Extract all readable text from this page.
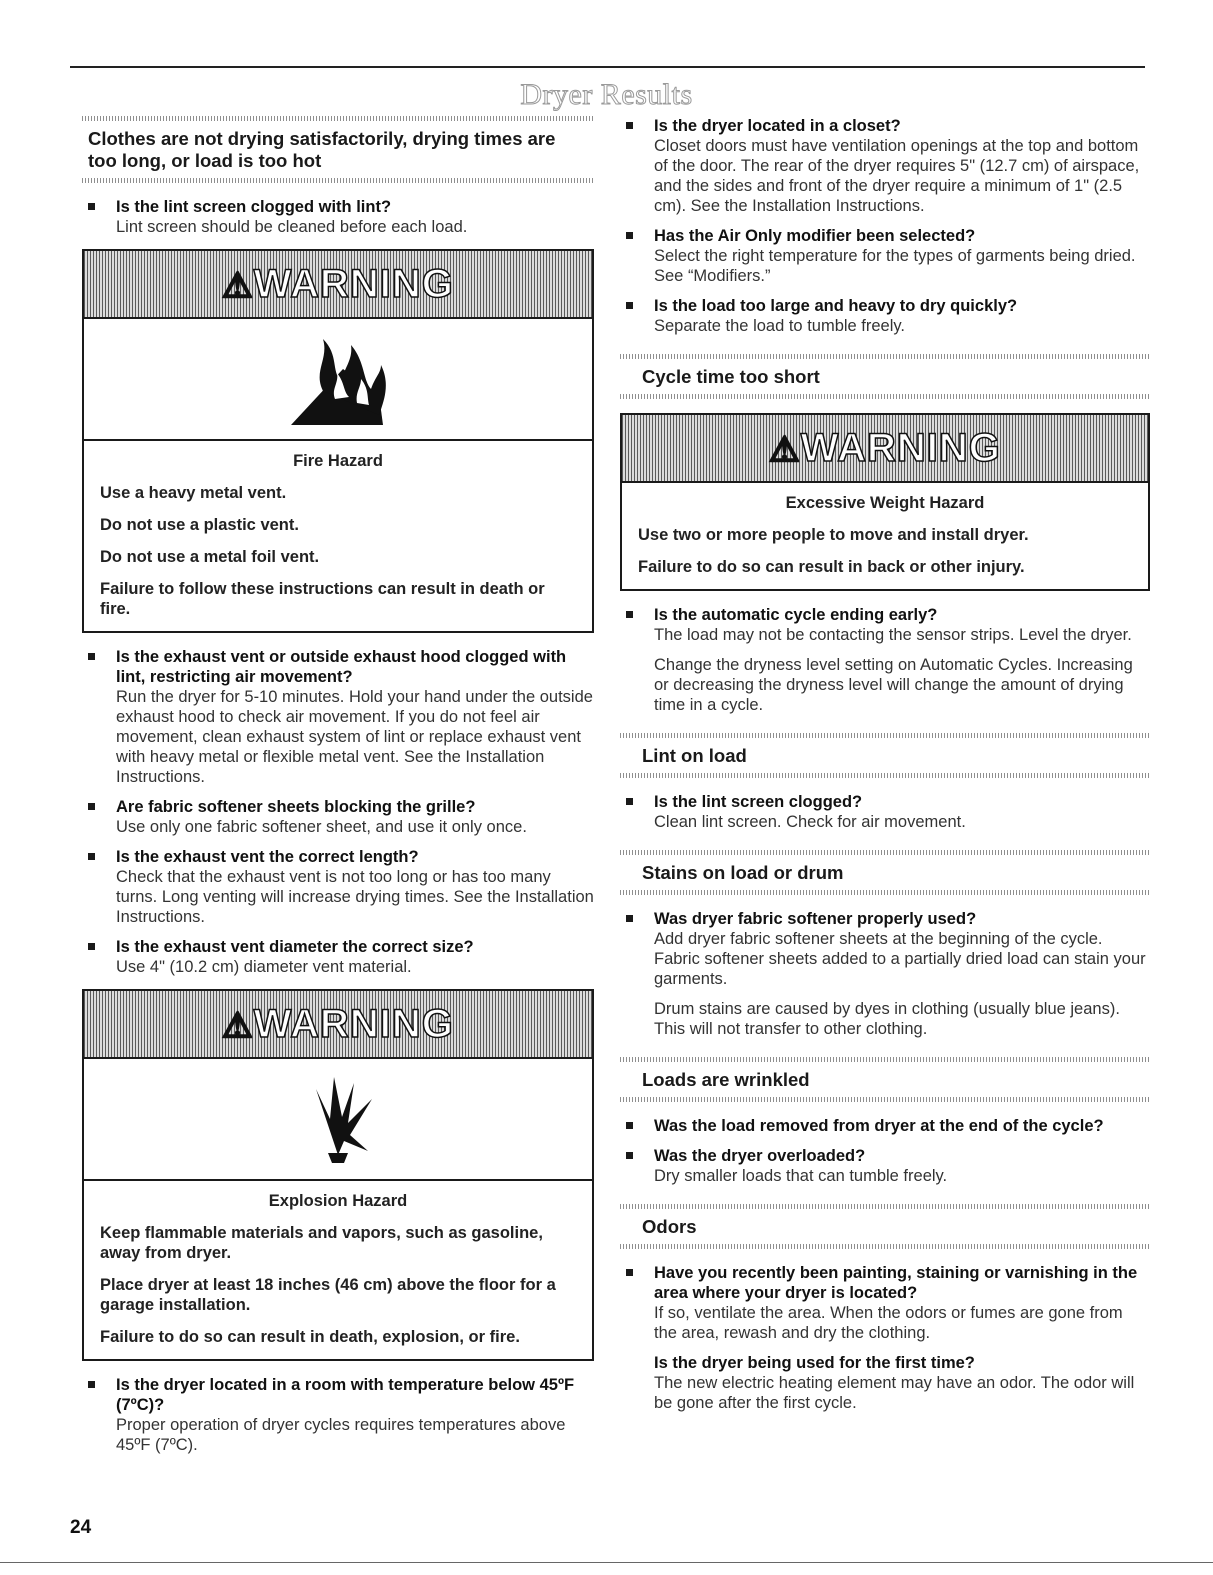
Dryer Results
Clothes are not drying satisfactorily, drying times are too long, or load is too hot
Is the lint screen clogged with lint?
Lint screen should be cleaned before each load.
⚠WARNING
Fire Hazard
Use a heavy metal vent.
Do not use a plastic vent.
Do not use a metal foil vent.
Failure to follow these instructions can result in death or fire.
Is the exhaust vent or outside exhaust hood clogged with lint, restricting air movement?
Run the dryer for 5-10 minutes. Hold your hand under the outside exhaust hood to check air movement. If you do not feel air movement, clean exhaust system of lint or replace exhaust vent with heavy metal or flexible metal vent. See the Installation Instructions.
Are fabric softener sheets blocking the grille?
Use only one fabric softener sheet, and use it only once.
Is the exhaust vent the correct length?
Check that the exhaust vent is not too long or has too many turns. Long venting will increase drying times. See the Installation Instructions.
Is the exhaust vent diameter the correct size?
Use 4" (10.2 cm) diameter vent material.
⚠WARNING
Explosion Hazard
Keep flammable materials and vapors, such as gasoline, away from dryer.
Place dryer at least 18 inches (46 cm) above the floor for a garage installation.
Failure to do so can result in death, explosion, or fire.
Is the dryer located in a room with temperature below 45ºF (7ºC)?
Proper operation of dryer cycles requires temperatures above 45ºF (7ºC).
Is the dryer located in a closet?
Closet doors must have ventilation openings at the top and bottom of the door. The rear of the dryer requires 5" (12.7 cm) of airspace, and the sides and front of the dryer require a minimum of 1" (2.5 cm). See the Installation Instructions.
Has the Air Only modifier been selected?
Select the right temperature for the types of garments being dried. See “Modifiers.”
Is the load too large and heavy to dry quickly?
Separate the load to tumble freely.
Cycle time too short
⚠WARNING
Excessive Weight Hazard
Use two or more people to move and install dryer.
Failure to do so can result in back or other injury.
Is the automatic cycle ending early?
The load may not be contacting the sensor strips. Level the dryer.
Change the dryness level setting on Automatic Cycles. Increasing or decreasing the dryness level will change the amount of drying time in a cycle.
Lint on load
Is the lint screen clogged?
Clean lint screen. Check for air movement.
Stains on load or drum
Was dryer fabric softener properly used?
Add dryer fabric softener sheets at the beginning of the cycle. Fabric softener sheets added to a partially dried load can stain your garments.
Drum stains are caused by dyes in clothing (usually blue jeans). This will not transfer to other clothing.
Loads are wrinkled
Was the load removed from dryer at the end of the cycle?
Was the dryer overloaded?
Dry smaller loads that can tumble freely.
Odors
Have you recently been painting, staining or varnishing in the area where your dryer is located?
If so, ventilate the area. When the odors or fumes are gone from the area, rewash and dry the clothing.
Is the dryer being used for the first time?
The new electric heating element may have an odor. The odor will be gone after the first cycle.
24
